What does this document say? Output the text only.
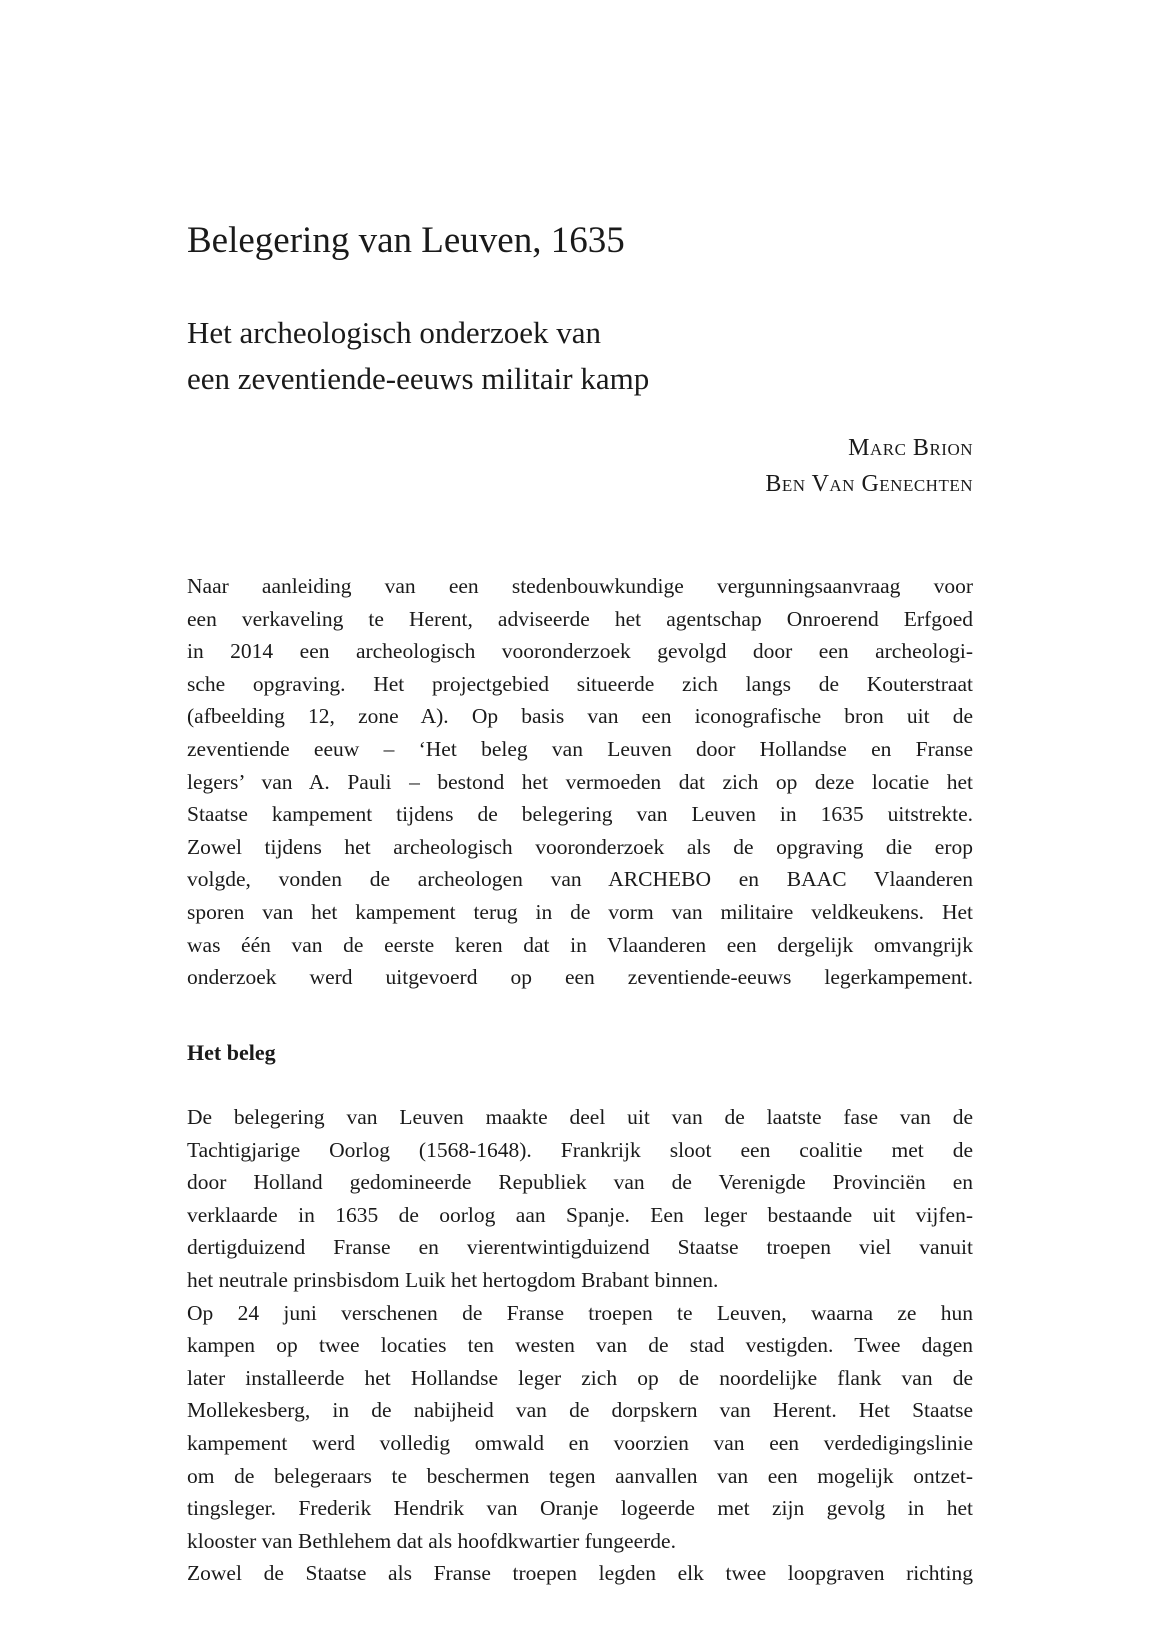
Belegering van Leuven, 1635
Het archeologisch onderzoek van
een zeventiende-eeuws militair kamp
Marc Brion
Ben Van Genechten
Naar aanleiding van een stedenbouwkundige vergunningsaanvraag voor
een verkaveling te Herent, adviseerde het agentschap Onroerend Erfgoed
in 2014 een archeologisch vooronderzoek gevolgd door een archeologi-
sche opgraving. Het projectgebied situeerde zich langs de Kouterstraat
(afbeelding 12, zone A). Op basis van een iconografische bron uit de
zeventiende eeuw – ‘Het beleg van Leuven door Hollandse en Franse
legers’ van A. Pauli – bestond het vermoeden dat zich op deze locatie het
Staatse kampement tijdens de belegering van Leuven in 1635 uitstrekte.
Zowel tijdens het archeologisch vooronderzoek als de opgraving die erop
volgde, vonden de archeologen van ARCHEBO en BAAC Vlaanderen
sporen van het kampement terug in de vorm van militaire veldkeukens. Het
was één van de eerste keren dat in Vlaanderen een dergelijk omvangrijk
onderzoek werd uitgevoerd op een zeventiende-eeuws legerkampement.
Het beleg
De belegering van Leuven maakte deel uit van de laatste fase van de
Tachtigjarige Oorlog (1568-1648). Frankrijk sloot een coalitie met de
door Holland gedomineerde Republiek van de Verenigde Provinciën en
verklaarde in 1635 de oorlog aan Spanje. Een leger bestaande uit vijfen-
dertigduizend Franse en vierentwintigduizend Staatse troepen viel vanuit
het neutrale prinsbisdom Luik het hertogdom Brabant binnen.
Op 24 juni verschenen de Franse troepen te Leuven, waarna ze hun
kampen op twee locaties ten westen van de stad vestigden. Twee dagen
later installeerde het Hollandse leger zich op de noordelijke flank van de
Mollekesberg, in de nabijheid van de dorpskern van Herent. Het Staatse
kampement werd volledig omwald en voorzien van een verdedigingslinie
om de belegeraars te beschermen tegen aanvallen van een mogelijk ontzet-
tingsleger. Frederik Hendrik van Oranje logeerde met zijn gevolg in het
klooster van Bethlehem dat als hoofdkwartier fungeerde.
Zowel de Staatse als Franse troepen legden elk twee loopgraven richting
